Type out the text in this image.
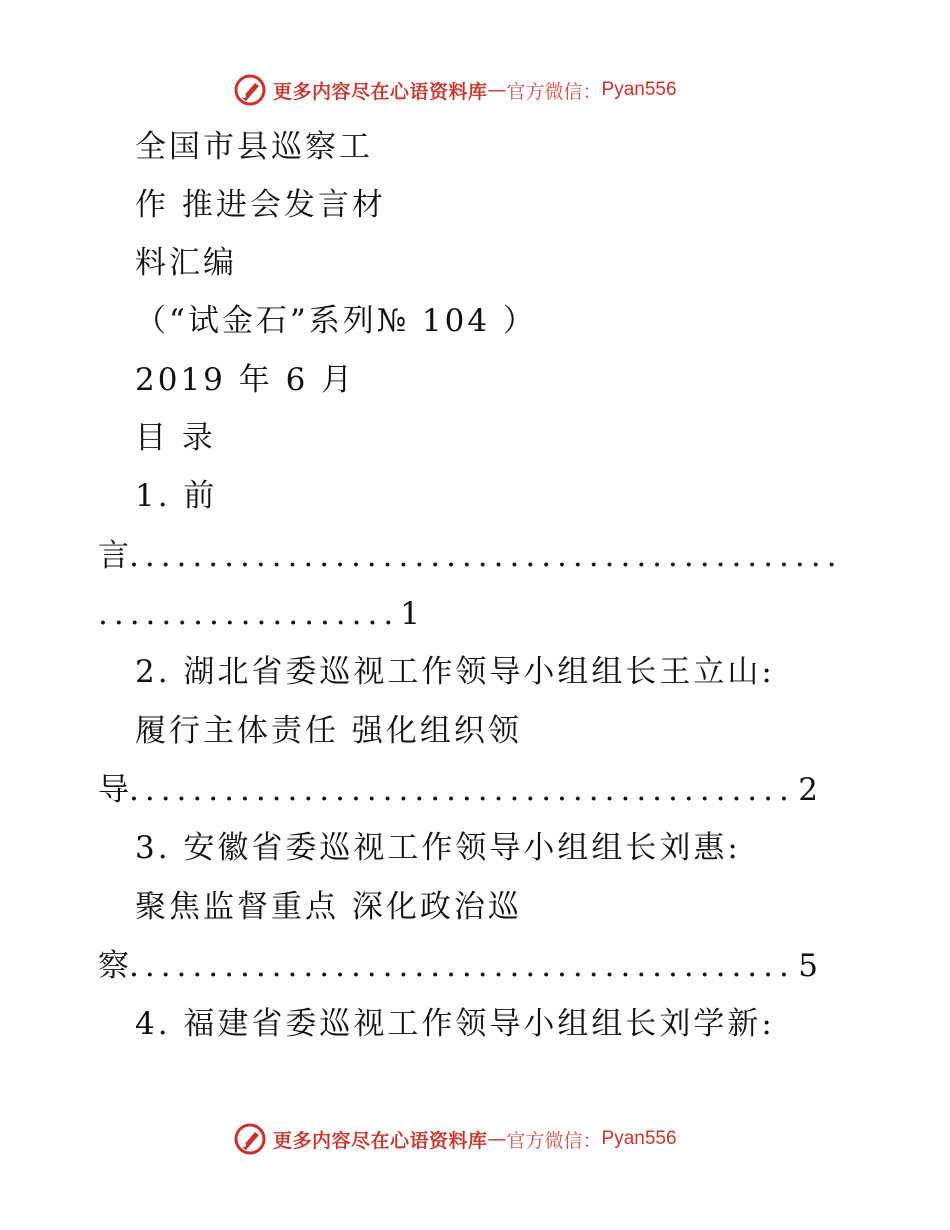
更多内容尽在心语资料库 — 官方微信： Pyan556
全国市县巡察工
作 推进会发言材
料汇编
（“试金石”系列№ 104 ）
2019 年 6 月
目 录
1. 前
言
.....
.....
1
2. 湖北省委巡视工作领导小组组长王立山:
履行主体责任 强化组织领
导 .....	2
3. 安徽省委巡视工作领导小组组长刘惠:
聚焦监督重点 深化政治巡
察 .....	5
4. 福建省委巡视工作领导小组组长刘学新:
更多内容尽在心语资料库 — 官方微信： Pyan556
